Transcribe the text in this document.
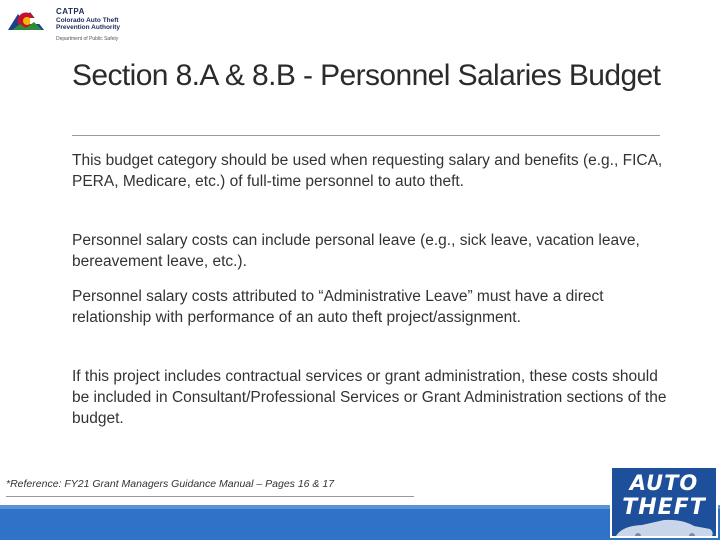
CATPA
Colorado Auto Theft Prevention Authority
Department of Public Safety
Section 8.A & 8.B - Personnel Salaries Budget
This budget category should be used when requesting salary and benefits (e.g., FICA, PERA, Medicare, etc.) of full-time personnel to auto theft.
Personnel salary costs can include personal leave (e.g., sick leave, vacation leave, bereavement leave, etc.).
Personnel salary costs attributed to “Administrative Leave” must have a direct relationship with performance of an auto theft project/assignment.
If this project includes contractual services or grant administration, these costs should be included in Consultant/Professional Services or Grant Administration sections of the budget.
*Reference: FY21 Grant Managers Guidance Manual – Pages 16 & 17	AUTO
THEFT
